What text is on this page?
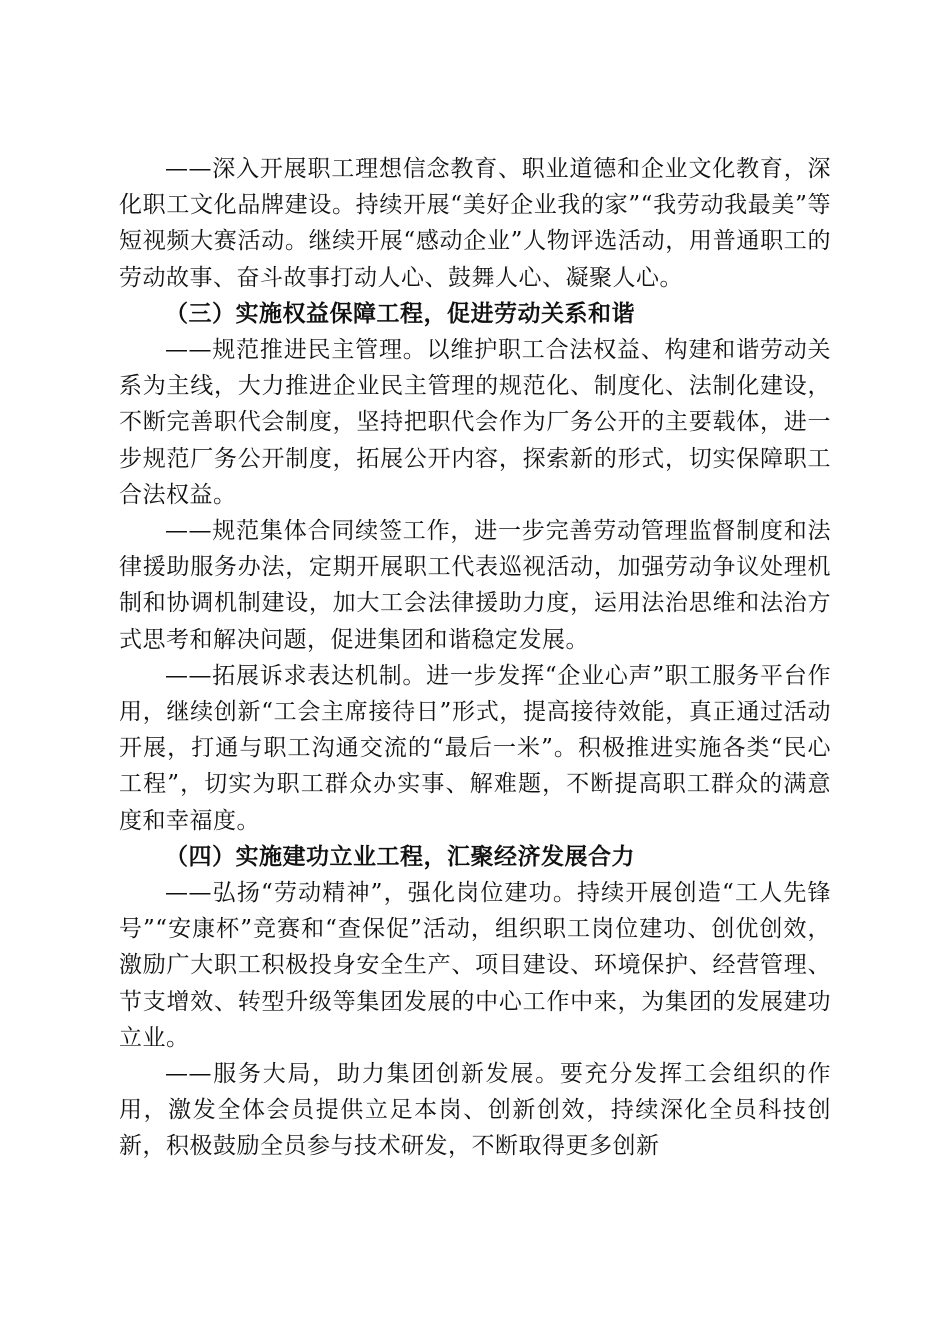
——深入开展职工理想信念教育、职业道德和企业文化教育，深化职工文化品牌建设。持续开展“美好企业我的家”“我劳动我最美”等短视频大赛活动。继续开展“感动企业”人物评选活动，用普通职工的劳动故事、奋斗故事打动人心、鼓舞人心、凝聚人心。

（三）实施权益保障工程，促进劳动关系和谐

——规范推进民主管理。以维护职工合法权益、构建和谐劳动关系为主线，大力推进企业民主管理的规范化、制度化、法制化建设，不断完善职代会制度，坚持把职代会作为厂务公开的主要载体，进一步规范厂务公开制度，拓展公开内容，探索新的形式，切实保障职工合法权益。

——规范集体合同续签工作，进一步完善劳动管理监督制度和法律援助服务办法，定期开展职工代表巡视活动，加强劳动争议处理机制和协调机制建设，加大工会法律援助力度，运用法治思维和法治方式思考和解决问题，促进集团和谐稳定发展。

——拓展诉求表达机制。进一步发挥“企业心声”职工服务平台作用，继续创新“工会主席接待日”形式，提高接待效能，真正通过活动开展，打通与职工沟通交流的“最后一米”。积极推进实施各类“民心工程”，切实为职工群众办实事、解难题，不断提高职工群众的满意度和幸福度。

（四）实施建功立业工程，汇聚经济发展合力

——弘扬“劳动精神”，强化岗位建功。持续开展创造“工人先锋号”“安康杯”竞赛和“查保促”活动，组织职工岗位建功、创优创效，激励广大职工积极投身安全生产、项目建设、环境保护、经营管理、节支增效、转型升级等集团发展的中心工作中来，为集团的发展建功立业。

——服务大局，助力集团创新发展。要充分发挥工会组织的作用，激发全体会员提供立足本岗、创新创效，持续深化全员科技创新，积极鼓励全员参与技术研发，不断取得更多创新
